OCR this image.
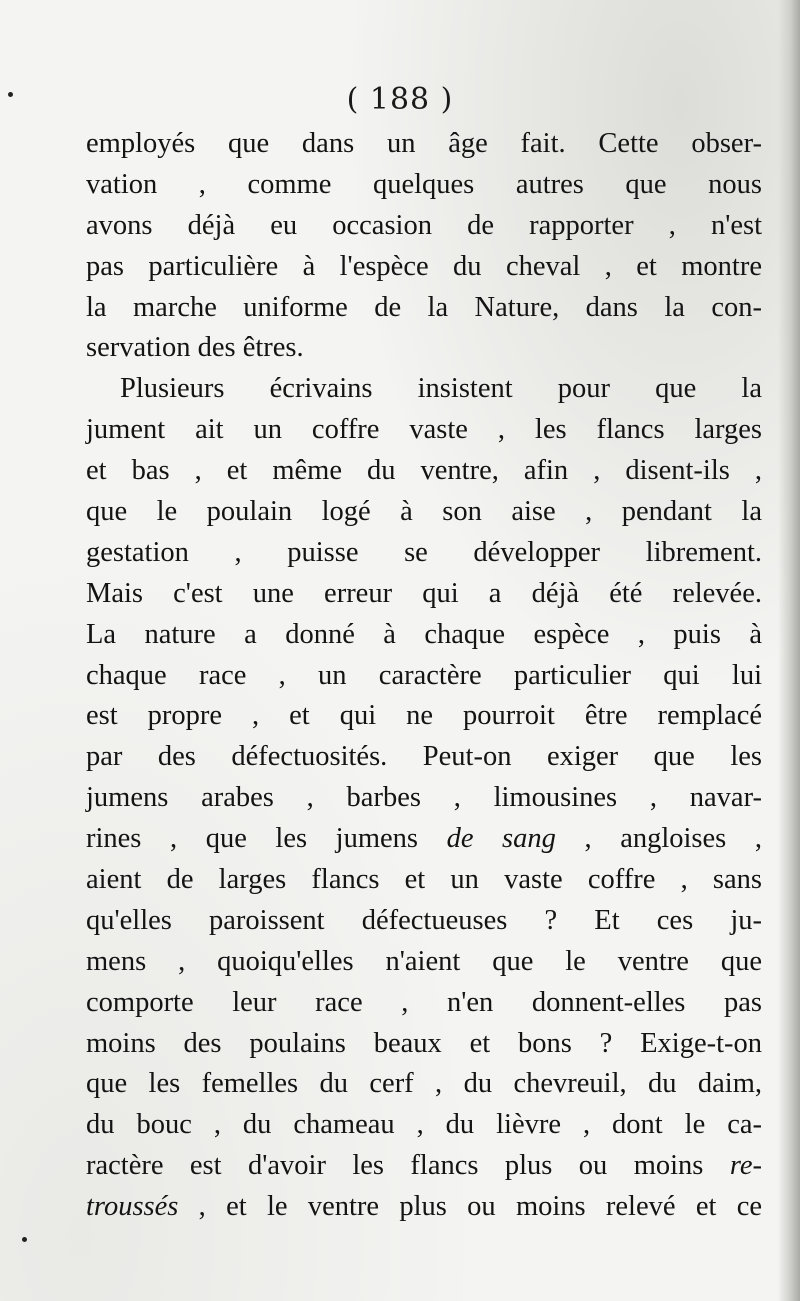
( 188 )
employés que dans un âge fait. Cette obser-
vation , comme quelques autres que nous
avons déjà eu occasion de rapporter , n'est
pas particulière à l'espèce du cheval , et montre
la marche uniforme de la Nature, dans la con-
servation des êtres.
Plusieurs écrivains insistent pour que la
jument ait un coffre vaste , les flancs larges
et bas , et même du ventre, afin , disent-ils ,
que le poulain logé à son aise , pendant la
gestation , puisse se développer librement.
Mais c'est une erreur qui a déjà été relevée.
La nature a donné à chaque espèce , puis à
chaque race , un caractère particulier qui lui
est propre , et qui ne pourroit être remplacé
par des défectuosités. Peut-on exiger que les
jumens arabes , barbes , limousines , navar-
rines , que les jumens de sang , angloises ,
aient de larges flancs et un vaste coffre , sans
qu'elles paroissent défectueuses ? Et ces ju-
mens , quoiqu'elles n'aient que le ventre que
comporte leur race , n'en donnent-elles pas
moins des poulains beaux et bons ? Exige-t-on
que les femelles du cerf , du chevreuil, du daim,
du bouc , du chameau , du lièvre , dont le ca-
ractère est d'avoir les flancs plus ou moins re-
troussés , et le ventre plus ou moins relevé et ce
